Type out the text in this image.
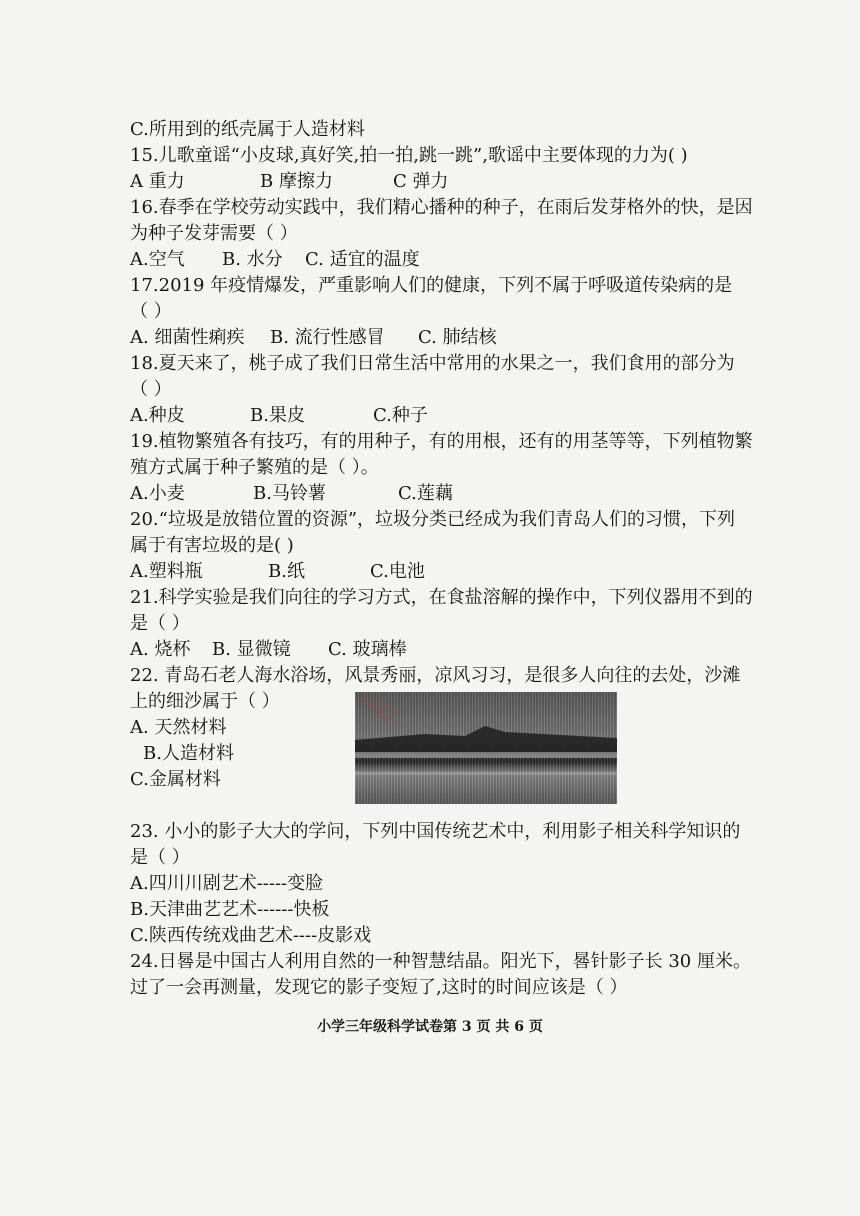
C.所用到的纸壳属于人造材料
15.儿歌童谣“小皮球,真好笑,拍一拍,跳一跳”,歌谣中主要体现的力为( )
A 重力	B 摩擦力	C 弹力
16.春季在学校劳动实践中，我们精心播种的种子，在雨后发芽格外的快，是因
为种子发芽需要（ ）
A.空气 B. 水分 C. 适宜的温度
17.2019 年疫情爆发，严重影响人们的健康，下列不属于呼吸道传染病的是
（ ）
A. 细菌性痢疾 B. 流行性感冒 C. 肺结核
18.夏天来了，桃子成了我们日常生活中常用的水果之一，我们食用的部分为
（ ）
A.种皮	B.果皮	C.种子
19.植物繁殖各有技巧，有的用种子，有的用根，还有的用茎等等，下列植物繁
殖方式属于种子繁殖的是（ ）。
A.小麦	B.马铃薯	C.莲藕
20.“垃圾是放错位置的资源”，垃圾分类已经成为我们青岛人们的习惯，下列
属于有害垃圾的是( )
A.塑料瓶	B.纸	C.电池
21.科学实验是我们向往的学习方式，在食盐溶解的操作中，下列仪器用不到的
是（ ）
A. 烧杯 B. 显微镜 C. 玻璃棒
22. 青岛石老人海水浴场，风景秀丽，凉风习习，是很多人向往的去处，沙滩
上的细沙属于（ ）
A. 天然材料
B.人造材料
C.金属材料
23. 小小的影子大大的学问，下列中国传统艺术中，利用影子相关科学知识的
是（ ）
A.四川川剧艺术-----变脸
B.天津曲艺艺术------快板
C.陕西传统戏曲艺术----皮影戏
24.日晷是中国古人利用自然的一种智慧结晶。阳光下，晷针影子长 30 厘米。
过了一会再测量，发现它的影子变短了,这时的时间应该是（ ）
小学三年级科学试卷第 3 页 共 6 页
